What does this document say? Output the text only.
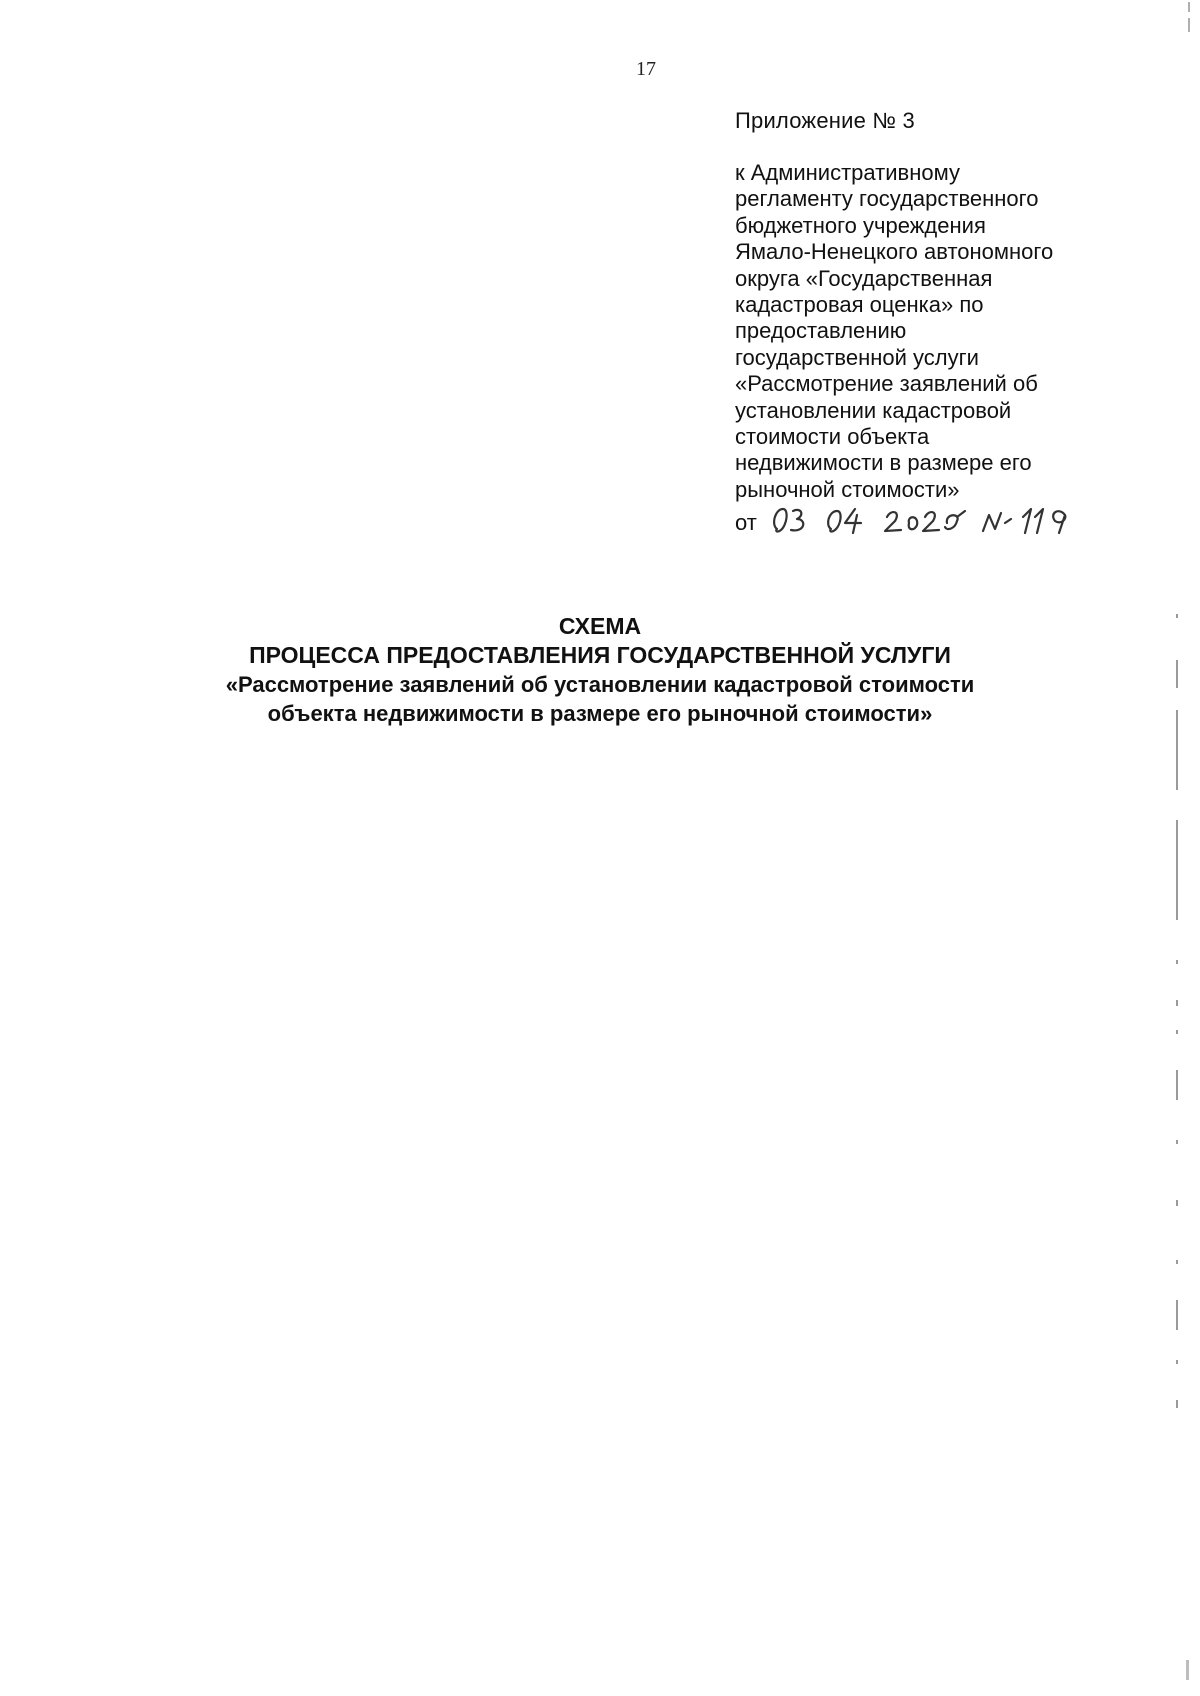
17
Приложение № 3
к Административному
регламенту государственного
бюджетного учреждения
Ямало-Ненецкого автономного
округа «Государственная
кадастровая оценка» по
предоставлению
государственной услуги
«Рассмотрение заявлений об
установлении кадастровой
стоимости объекта
недвижимости в размере его
рыночной стоимости»
от
СХЕМА
ПРОЦЕССА ПРЕДОСТАВЛЕНИЯ ГОСУДАРСТВЕННОЙ УСЛУГИ
«Рассмотрение заявлений об установлении кадастровой стоимости
объекта недвижимости в размере его рыночной стоимости»
